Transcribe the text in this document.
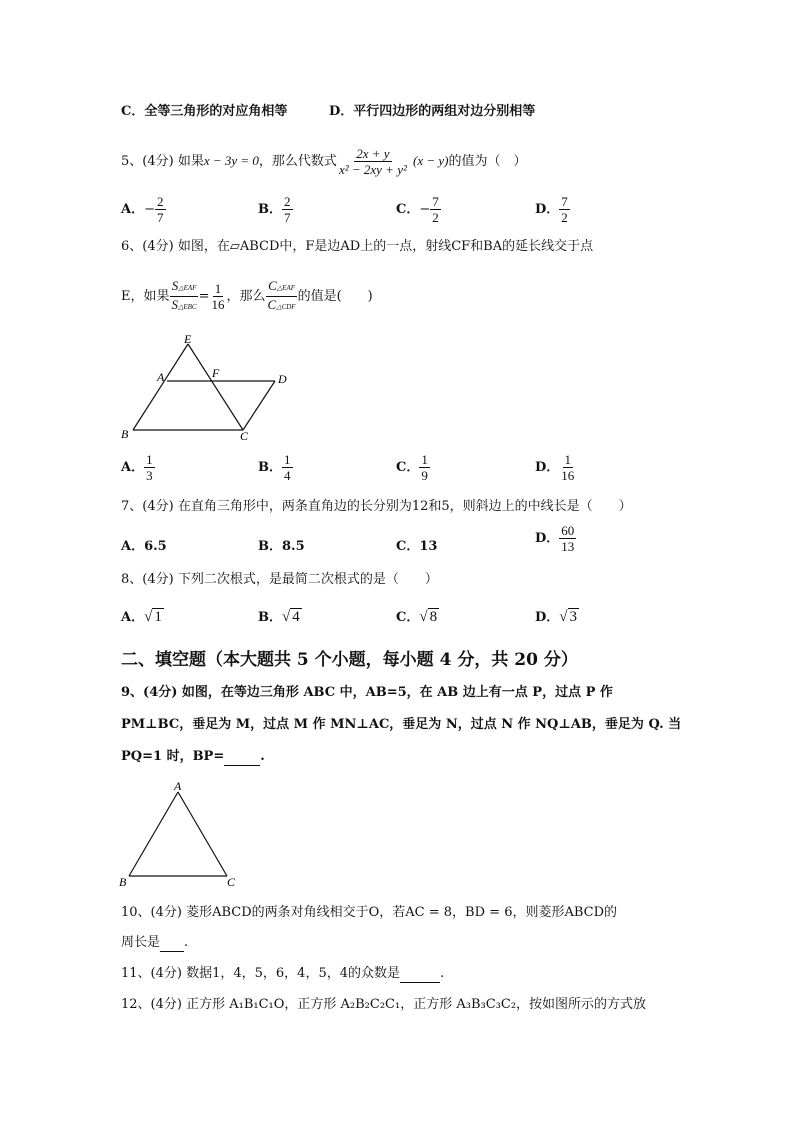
C．全等三角形的对应角相等	D．平行四边形的两组对边分别相等
5、(4分) 如果x − 3y = 0，那么代数式 $\frac{2x + y}{\text{x² − 2xy + y²}} (x - y)$的值为（　）
A．− $\frac{2}{7}$	B． $\frac{2}{7}$	C．− $\frac{7}{2}$	D． $\frac{7}{2}$
6、(4分) 如图，在▱ABCD中，F是边AD上的一点，射线CF和BA的延长线交于点
E，如果 $\frac{\text{S△EAF}}{\text{S△EBC}} = \frac{1}{16}$ ，那么 $\frac{\text{C△EAF}}{\text{C△CDF}}$ 的值是(　　)
E
A	F	D
B	C
A． $\frac{1}{3}$	B． $\frac{1}{4}$	C． $\frac{1}{9}$	D． $\frac{1}{16}$
7、(4分) 在直角三角形中，两条直角边的长分别为12和5，则斜边上的中线长是（　　）
A．6.5	B．8.5	C．13
D． $\frac{60}{13}$
8、(4分) 下列二次根式，是最简二次根式的是（　　）
A．√ 1	B．√ 4	C．√ 8	D．√ 3
二、填空题（本大题共 5 个小题，每小题 4 分，共 20 分）
9、(4分) 如图，在等边三角形 ABC 中，AB=5，在 AB 边上有一点 P，过点 P 作
PM⊥BC，垂足为 M，过点 M 作 MN⊥AC，垂足为 N，过点 N 作 NQ⊥AB，垂足为 Q. 当
PQ=1 时，BP=	.
A
B	C
10、(4分) 菱形ABCD的两条对角线相交于O，若AC = 8，BD = 6，则菱形ABCD的
周长是 .
11、(4分) 数据1，4，5，6，4，5，4的众数是	.
12、(4分) 正方形 A₁B₁C₁O，正方形 A₂B₂C₂C₁，正方形 A₃B₃C₃C₂，按如图所示的方式放
